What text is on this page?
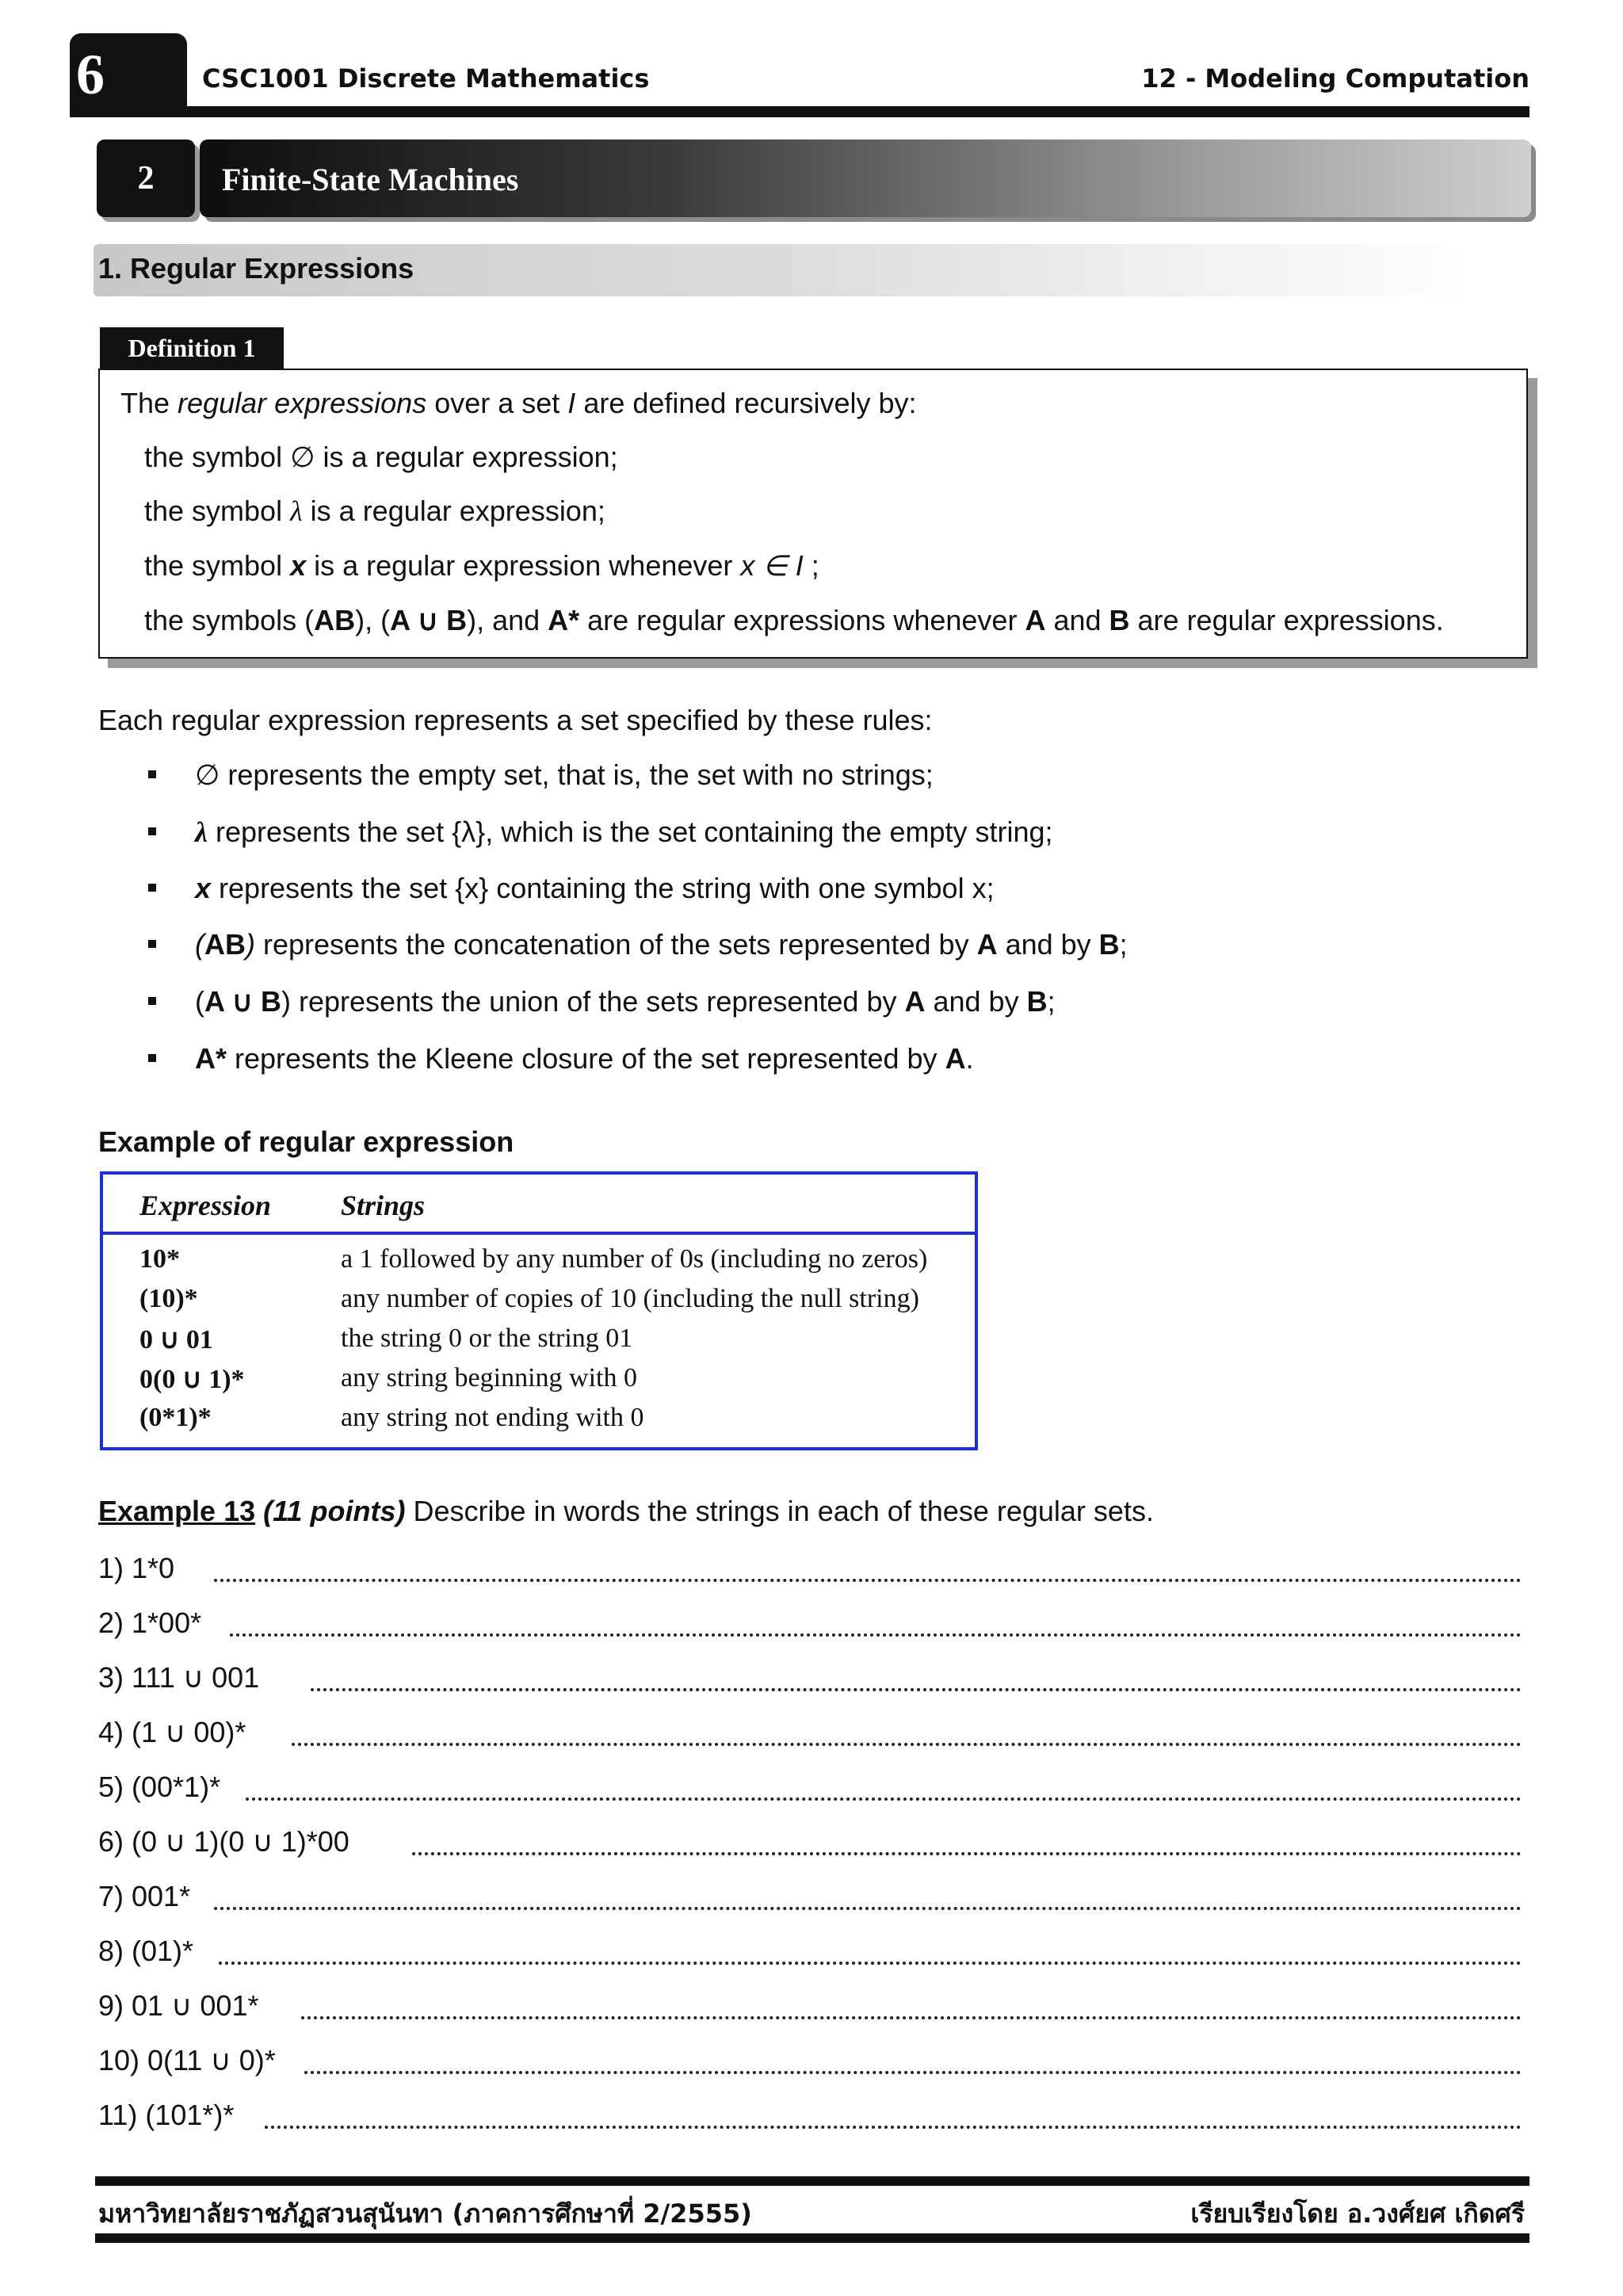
6	CSC1001 Discrete Mathematics	12 - Modeling Computation
2	Finite-State Machines
1. Regular Expressions
Definition 1
The regular expressions over a set I are defined recursively by:
the symbol ∅ is a regular expression;
the symbol λ is a regular expression;
the symbol x is a regular expression whenever x ∈ I ;
the symbols (AB), (A ∪ B), and A* are regular expressions whenever A and B are regular expressions.
Each regular expression represents a set specified by these rules:
∅ represents the empty set, that is, the set with no strings;
λ represents the set {λ}, which is the set containing the empty string;
x represents the set {x} containing the string with one symbol x;
(AB) represents the concatenation of the sets represented by A and by B;
(A ∪ B) represents the union of the sets represented by A and by B;
A* represents the Kleene closure of the set represented by A.
Example of regular expression
Expression Strings
10*	a 1 followed by any number of 0s (including no zeros)
(10)*	any number of copies of 10 (including the null string)
0 ∪ 01	the string 0 or the string 01
0(0 ∪ 1)*	any string beginning with 0
(0*1)*	any string not ending with 0
Example 13 (11 points) Describe in words the strings in each of these regular sets.
1) 1*0
2) 1*00*
3) 111 ∪ 001
4) (1 ∪ 00)*
5) (00*1)*
6) (0 ∪ 1)(0 ∪ 1)*00
7) 001*
8) (01)*
9) 01 ∪ 001*
10) 0(11 ∪ 0)*
11) (101*)*
มหาวิทยาลัยราชภัฏสวนสุนันทา (ภาคการศึกษาที่ 2/2555)	เรียบเรียงโดย อ.วงศ์ยศ เกิดศรี
